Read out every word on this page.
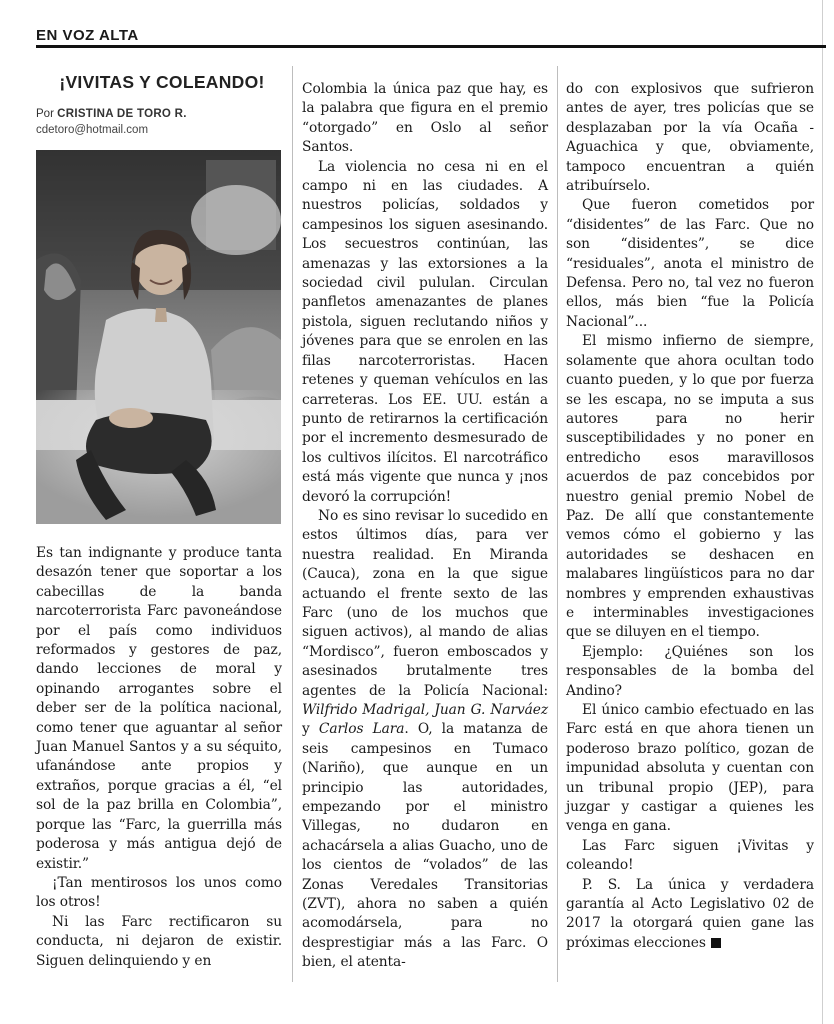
EN VOZ ALTA
¡VIVITAS Y COLEANDO!
Por CRISTINA DE TORO R.
cdetoro@hotmail.com

Es tan indignante y produce tanta desazón tener que soportar a los cabecillas de la banda narcoterrorista Farc pavoneándose por el país como individuos reformados y gestores de paz, dando lecciones de moral y opinando arrogantes sobre el deber ser de la política nacional, como tener que aguantar al señor Juan Manuel Santos y a su séquito, ufanándose ante propios y extraños, porque gracias a él, “el sol de la paz brilla en Colombia”, porque las “Farc, la guerrilla más poderosa y más antigua dejó de existir.”

¡Tan mentirosos los unos como los otros!

Ni las Farc rectificaron su conducta, ni dejaron de existir. Siguen delinquiendo y en

Colombia la única paz que hay, es la palabra que figura en el premio “otorgado” en Oslo al señor Santos.

La violencia no cesa ni en el campo ni en las ciudades. A nuestros policías, soldados y campesinos los siguen asesinando. Los secuestros continúan, las amenazas y las extorsiones a la sociedad civil pululan. Circulan panfletos amenazantes de planes pistola, siguen reclutando niños y jóvenes para que se enrolen en las filas narcoterroristas. Hacen retenes y queman vehículos en las carreteras. Los EE. UU. están a punto de retirarnos la certificación por el incremento desmesurado de los cultivos ilícitos. El narcotráfico está más vigente que nunca y ¡nos devoró la corrupción!

No es sino revisar lo sucedido en estos últimos días, para ver nuestra realidad. En Miranda (Cauca), zona en la que sigue actuando el frente sexto de las Farc (uno de los muchos que siguen activos), al mando de alias “Mordisco”, fueron emboscados y asesinados brutalmente tres agentes de la Policía Nacional: Wilfrido Madrigal, Juan G. Narváez y Carlos Lara. O, la matanza de seis campesinos en Tumaco (Nariño), que aunque en un principio las autoridades, empezando por el ministro Villegas, no dudaron en achacársela a alias Guacho, uno de los cientos de “volados” de las Zonas Veredales Transitorias (ZVT), ahora no saben a quién acomodársela, para no desprestigiar más a las Farc. O bien, el atenta-

do con explosivos que sufrieron antes de ayer, tres policías que se desplazaban por la vía Ocaña - Aguachica y que, obviamente, tampoco encuentran a quién atribuírselo.

Que fueron cometidos por “disidentes” de las Farc. Que no son “disidentes”, se dice “residuales”, anota el ministro de Defensa. Pero no, tal vez no fueron ellos, más bien “fue la Policía Nacional”...

El mismo infierno de siempre, solamente que ahora ocultan todo cuanto pueden, y lo que por fuerza se les escapa, no se imputa a sus autores para no herir susceptibilidades y no poner en entredicho esos maravillosos acuerdos de paz concebidos por nuestro genial premio Nobel de Paz. De allí que constantemente vemos cómo el gobierno y las autoridades se deshacen en malabares lingüísticos para no dar nombres y emprenden exhaustivas e interminables investigaciones que se diluyen en el tiempo.

Ejemplo: ¿Quiénes son los responsables de la bomba del Andino?

El único cambio efectuado en las Farc está en que ahora tienen un poderoso brazo político, gozan de impunidad absoluta y cuentan con un tribunal propio (JEP), para juzgar y castigar a quienes les venga en gana.

Las Farc siguen ¡Vivitas y coleando!

P. S. La única y verdadera garantía al Acto Legislativo 02 de 2017 la otorgará quien gane las próximas elecciones
